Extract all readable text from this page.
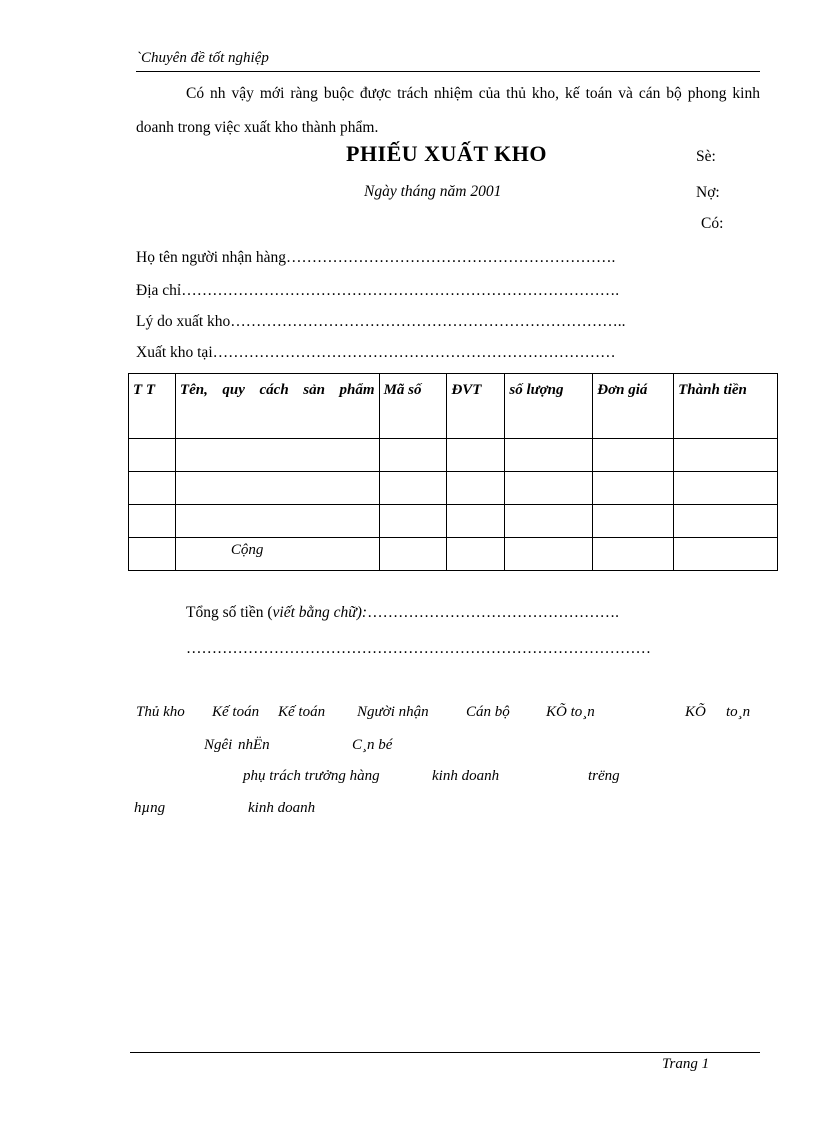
`Chuyên đề tốt nghiệp
Có nh vậy mới ràng buộc được trách nhiệm của thủ kho, kế toán và cán bộ phong kinh doanh trong việc xuất kho thành phẩm.
PHIẾU XUẤT KHO	Sè:
Ngày tháng năm 2001	Nợ:
Có:
Họ tên người nhận hàng……………………………………………………….
Địa chỉ………………………………………………………………………….
Lý do xuất kho…………………………………………………………………..
Xuất kho tại……………………………………………………………………
T T	Tên, quy cách sản phẩm	Mã số	ĐVT	số lượng	Đơn giá	Thành tiền

	Cộng					
Tổng số tiền (viết bằng chữ):………………………………………….
………………………………………………………………………………
Thủ kho Kế toán Kế toán Người nhận Cán bộ KÕ to¸n	KÕ to¸n
Ngêi nhËn	C¸n bé
phụ trách trưởng hàng	kinh doanh	trëng
hµng	kinh doanh
Trang 1
